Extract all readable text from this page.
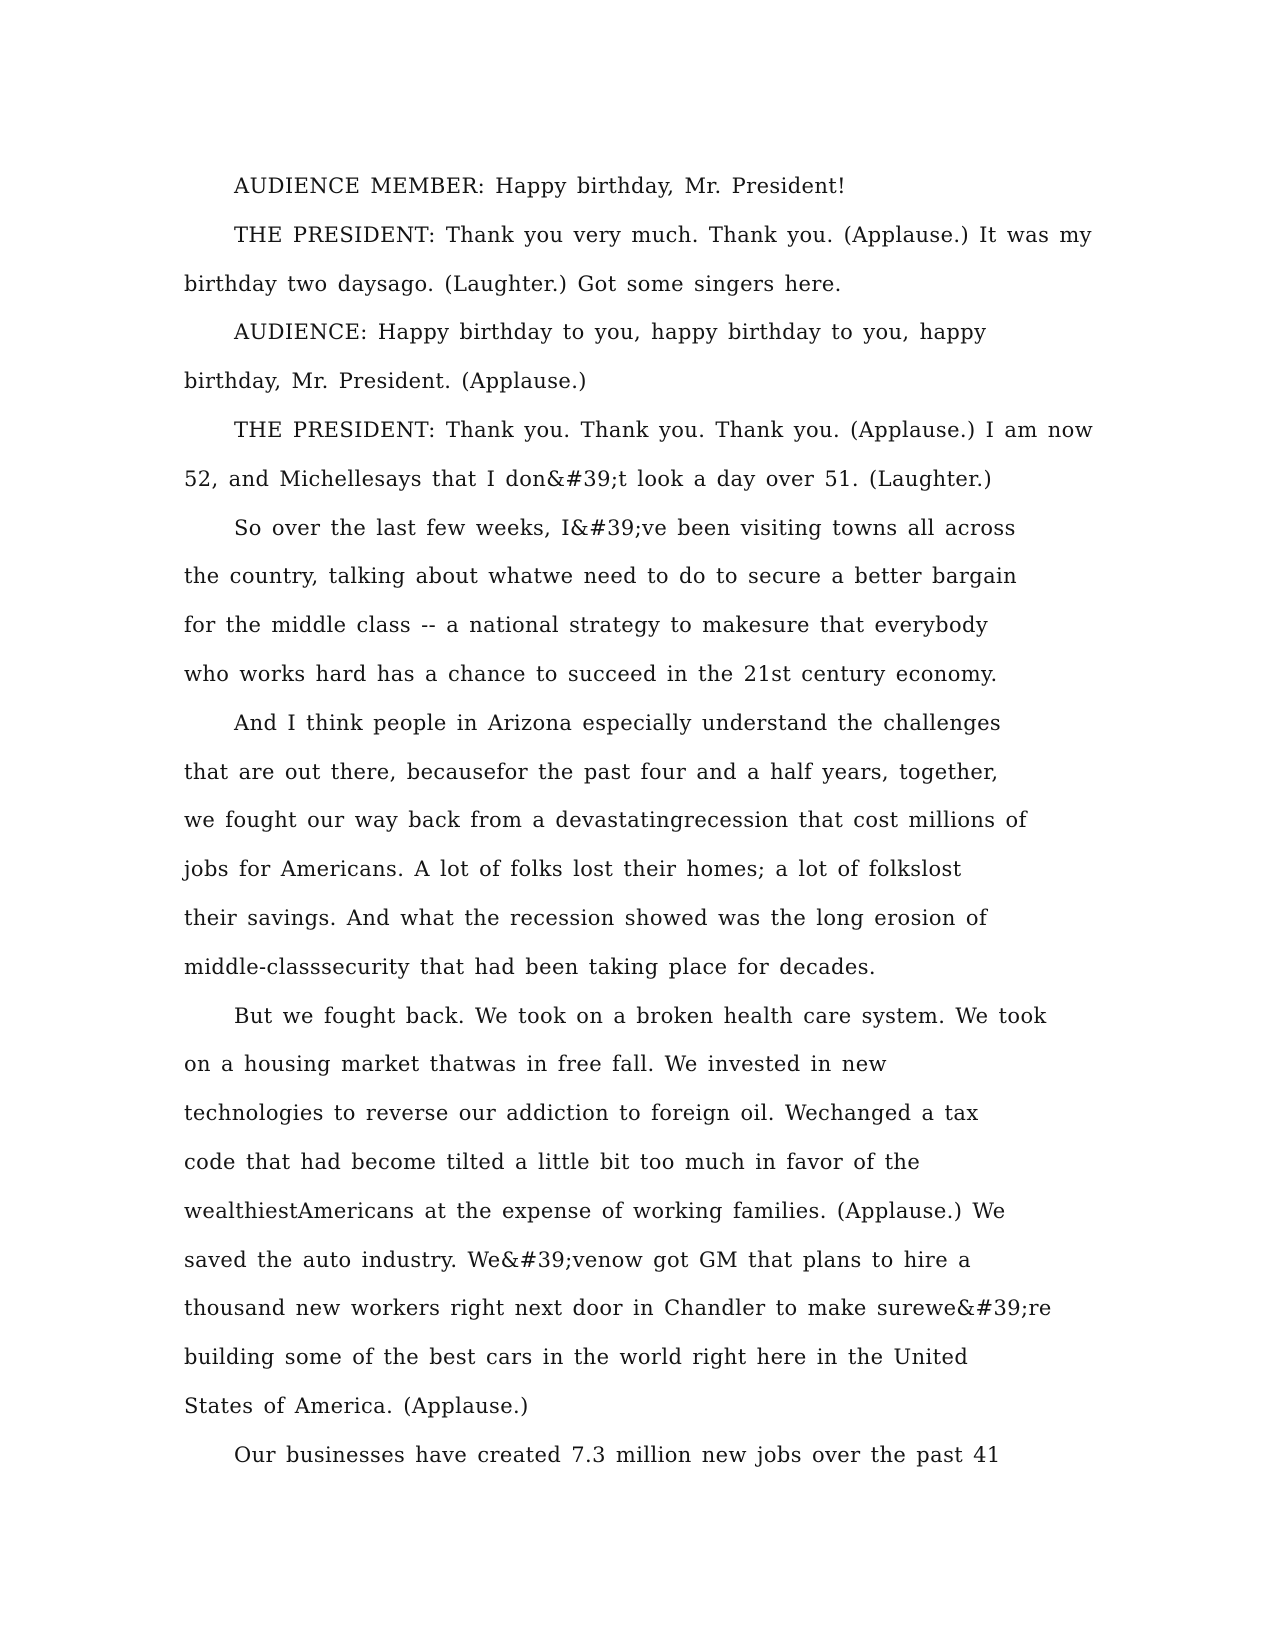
AUDIENCE MEMBER: Happy birthday, Mr. President!
THE PRESIDENT: Thank you very much. Thank you. (Applause.) It was my
birthday two daysago. (Laughter.) Got some singers here.
AUDIENCE: Happy birthday to you, happy birthday to you, happy
birthday, Mr. President. (Applause.)
THE PRESIDENT: Thank you. Thank you. Thank you. (Applause.) I am now
52, and Michellesays that I don&#39;t look a day over 51. (Laughter.)
So over the last few weeks, I&#39;ve been visiting towns all across
the country, talking about whatwe need to do to secure a better bargain
for the middle class -- a national strategy to makesure that everybody
who works hard has a chance to succeed in the 21st century economy.
And I think people in Arizona especially understand the challenges
that are out there, becausefor the past four and a half years, together,
we fought our way back from a devastatingrecession that cost millions of
jobs for Americans. A lot of folks lost their homes; a lot of folkslost
their savings. And what the recession showed was the long erosion of
middle-classsecurity that had been taking place for decades.
But we fought back. We took on a broken health care system. We took
on a housing market thatwas in free fall. We invested in new
technologies to reverse our addiction to foreign oil. Wechanged a tax
code that had become tilted a little bit too much in favor of the
wealthiestAmericans at the expense of working families. (Applause.) We
saved the auto industry. We&#39;venow got GM that plans to hire a
thousand new workers right next door in Chandler to make surewe&#39;re
building some of the best cars in the world right here in the United
States of America. (Applause.)
Our businesses have created 7.3 million new jobs over the past 41
